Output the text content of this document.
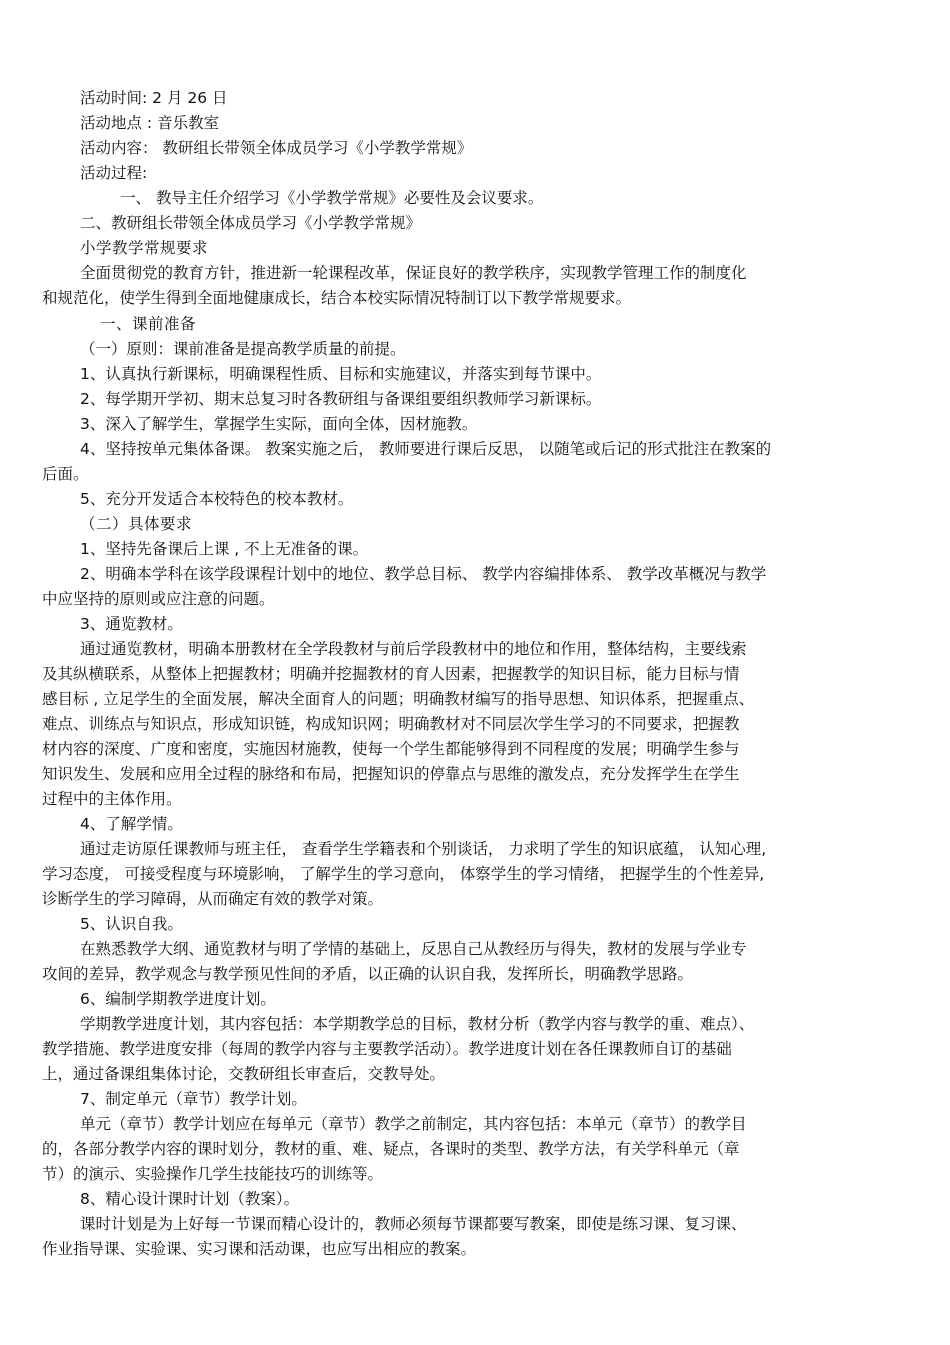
活动时间: 2 月 26 日
活动地点 : 音乐教室
活动内容： 教研组长带领全体成员学习《小学教学常规》
活动过程:
一、 教导主任介绍学习《小学教学常规》必要性及会议要求。
二、教研组长带领全体成员学习《小学教学常规》
小学教学常规要求
全面贯彻党的教育方针，推进新一轮课程改革，保证良好的教学秩序，实现教学管理工作的制度化
和规范化，使学生得到全面地健康成长，结合本校实际情况特制订以下教学常规要求。
一、课前准备
（一）原则：课前准备是提高教学质量的前提。
1、认真执行新课标，明确课程性质、目标和实施建议，并落实到每节课中。
2、每学期开学初、期末总复习时各教研组与备课组要组织教师学习新课标。
3、深入了解学生，掌握学生实际，面向全体，因材施教。
4、坚持按单元集体备课。 教案实施之后， 教师要进行课后反思， 以随笔或后记的形式批注在教案的
后面。
5、充分开发适合本校特色的校本教材。
（二）具体要求
1、坚持先备课后上课 , 不上无准备的课。
2、明确本学科在该学段课程计划中的地位、教学总目标、 教学内容编排体系、 教学改革概况与教学
中应坚持的原则或应注意的问题。
3、通览教材。
通过通览教材，明确本册教材在全学段教材与前后学段教材中的地位和作用，整体结构，主要线索
及其纵横联系，从整体上把握教材；明确并挖掘教材的育人因素，把握教学的知识目标，能力目标与情
感目标 , 立足学生的全面发展，解决全面育人的问题；明确教材编写的指导思想、知识体系，把握重点、
难点、训练点与知识点，形成知识链，构成知识网；明确教材对不同层次学生学习的不同要求，把握教
材内容的深度、广度和密度，实施因材施教，使每一个学生都能够得到不同程度的发展；明确学生参与
知识发生、发展和应用全过程的脉络和布局，把握知识的停靠点与思维的激发点，充分发挥学生在学生
过程中的主体作用。
4、了解学情。
通过走访原任课教师与班主任， 查看学生学籍表和个别谈话， 力求明了学生的知识底蕴， 认知心理,
学习态度， 可接受程度与环境影响， 了解学生的学习意向， 体察学生的学习情绪， 把握学生的个性差异,
诊断学生的学习障碍，从而确定有效的教学对策。
5、认识自我。
在熟悉教学大纲、通览教材与明了学情的基础上，反思自己从教经历与得失，教材的发展与学业专
攻间的差异，教学观念与教学预见性间的矛盾，以正确的认识自我，发挥所长，明确教学思路。
6、编制学期教学进度计划。
学期教学进度计划，其内容包括：本学期教学总的目标，教材分析（教学内容与教学的重、难点）、
教学措施、教学进度安排（每周的教学内容与主要教学活动）。教学进度计划在各任课教师自订的基础
上，通过备课组集体讨论，交教研组长审查后，交教导处。
7、制定单元（章节）教学计划。
单元（章节）教学计划应在每单元（章节）教学之前制定，其内容包括：本单元（章节）的教学目
的，各部分教学内容的课时划分，教材的重、难、疑点，各课时的类型、教学方法，有关学科单元（章
节）的演示、实验操作几学生技能技巧的训练等。
8、精心设计课时计划（教案）。
课时计划是为上好每一节课而精心设计的，教师必须每节课都要写教案，即使是练习课、复习课、
作业指导课、实验课、实习课和活动课，也应写出相应的教案。
